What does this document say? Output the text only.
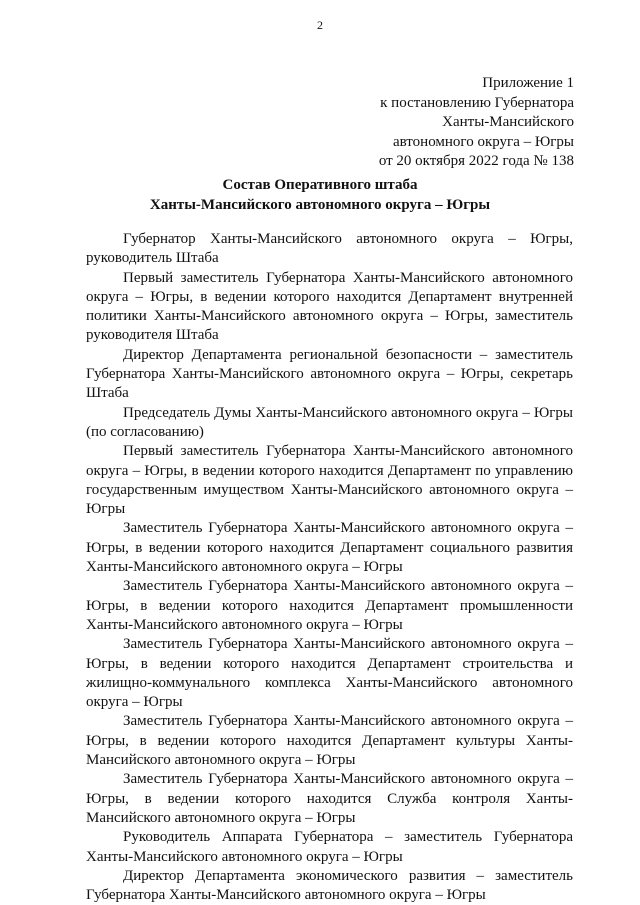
2
Приложение 1
к постановлению Губернатора
Ханты-Мансийского
автономного округа – Югры
от 20 октября 2022 года № 138
Состав Оперативного штаба
Ханты-Мансийского автономного округа – Югры

Губернатор Ханты-Мансийского автономного округа – Югры, руководитель Штаба

Первый заместитель Губернатора Ханты-Мансийского автономного округа – Югры, в ведении которого находится Департамент внутренней политики Ханты-Мансийского автономного округа – Югры, заместитель руководителя Штаба

Директор Департамента региональной безопасности – заместитель Губернатора Ханты-Мансийского автономного округа – Югры, секретарь Штаба

Председатель Думы Ханты-Мансийского автономного округа – Югры (по согласованию)

Первый заместитель Губернатора Ханты-Мансийского автономного округа – Югры, в ведении которого находится Департамент по управлению государственным имуществом Ханты-Мансийского автономного округа – Югры

Заместитель Губернатора Ханты-Мансийского автономного округа – Югры, в ведении которого находится Департамент социального развития Ханты-Мансийского автономного округа – Югры

Заместитель Губернатора Ханты-Мансийского автономного округа – Югры, в ведении которого находится Департамент промышленности Ханты-Мансийского автономного округа – Югры

Заместитель Губернатора Ханты-Мансийского автономного округа – Югры, в ведении которого находится Департамент строительства и жилищно-коммунального комплекса Ханты-Мансийского автономного округа – Югры

Заместитель Губернатора Ханты-Мансийского автономного округа – Югры, в ведении которого находится Департамент культуры Ханты-Мансийского автономного округа – Югры

Заместитель Губернатора Ханты-Мансийского автономного округа – Югры, в ведении которого находится Служба контроля Ханты-Мансийского автономного округа – Югры

Руководитель Аппарата Губернатора – заместитель Губернатора Ханты-Мансийского автономного округа – Югры

Директор Департамента экономического развития – заместитель Губернатора Ханты-Мансийского автономного округа – Югры
